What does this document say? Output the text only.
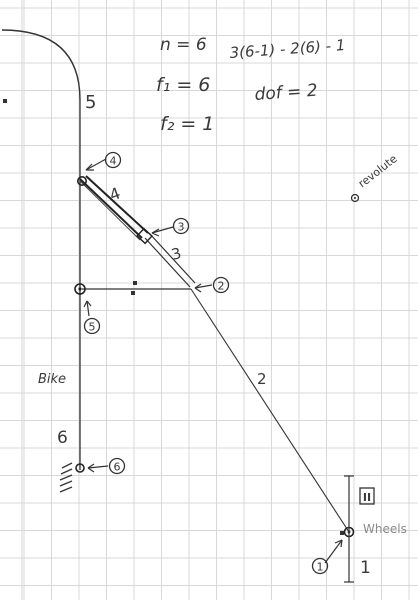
4
3
2
5
6
1
5
4
3
2
6
1
Bike
II
Wheels
n = 6
f₁ = 6
f₂ = 1
3(6-1) - 2(6) - 1
dof = 2
revolute
